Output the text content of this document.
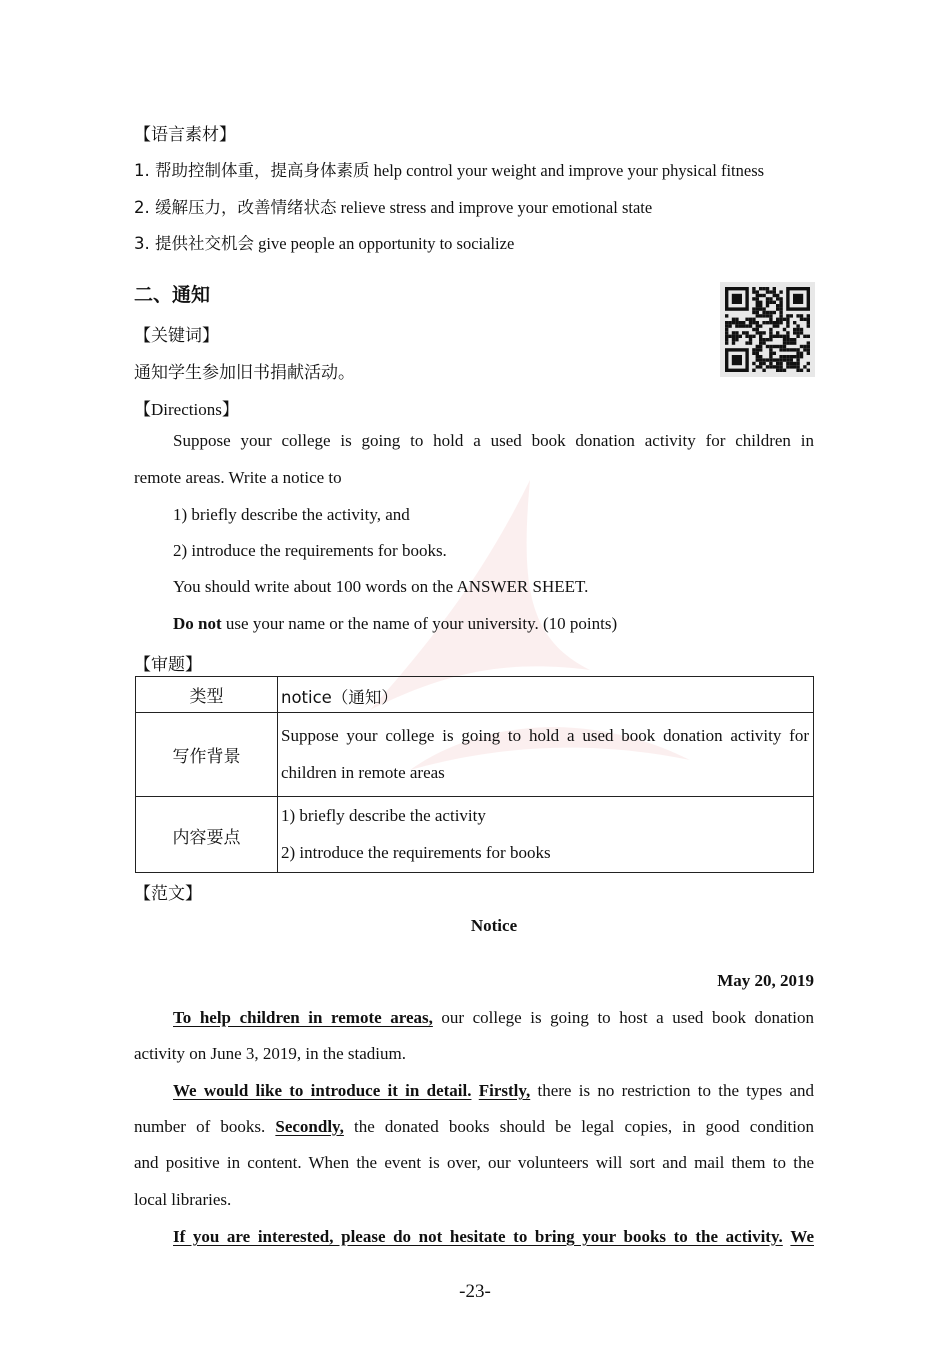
【语言素材】
1. 帮助控制体重，提高身体素质 help control your weight and improve your physical fitness
2. 缓解压力，改善情绪状态 relieve stress and improve your emotional state
3. 提供社交机会 give people an opportunity to socialize
二、通知
【关键词】
通知学生参加旧书捐献活动。
【Directions】
Suppose your college is going to hold a used book donation activity for children in
remote areas. Write a notice to
1) briefly describe the activity, and
2) introduce the requirements for books.
You should write about 100 words on the ANSWER SHEET.
Do not use your name or the name of your university. (10 points)
【审题】
类型	notice（通知）
写作背景
Suppose your college is going to hold a used book donation activity for
children in remote areas
内容要点
1) briefly describe the activity
2) introduce the requirements for books
【范文】
Notice
May 20, 2019
To help children in remote areas, our college is going to host a used book donation
activity on June 3, 2019, in the stadium.
We would like to introduce it in detail. Firstly, there is no restriction to the types and
number of books. Secondly, the donated books should be legal copies, in good condition
and positive in content. When the event is over, our volunteers will sort and mail them to the
local libraries.
If you are interested, please do not hesitate to bring your books to the activity. We
-23-
